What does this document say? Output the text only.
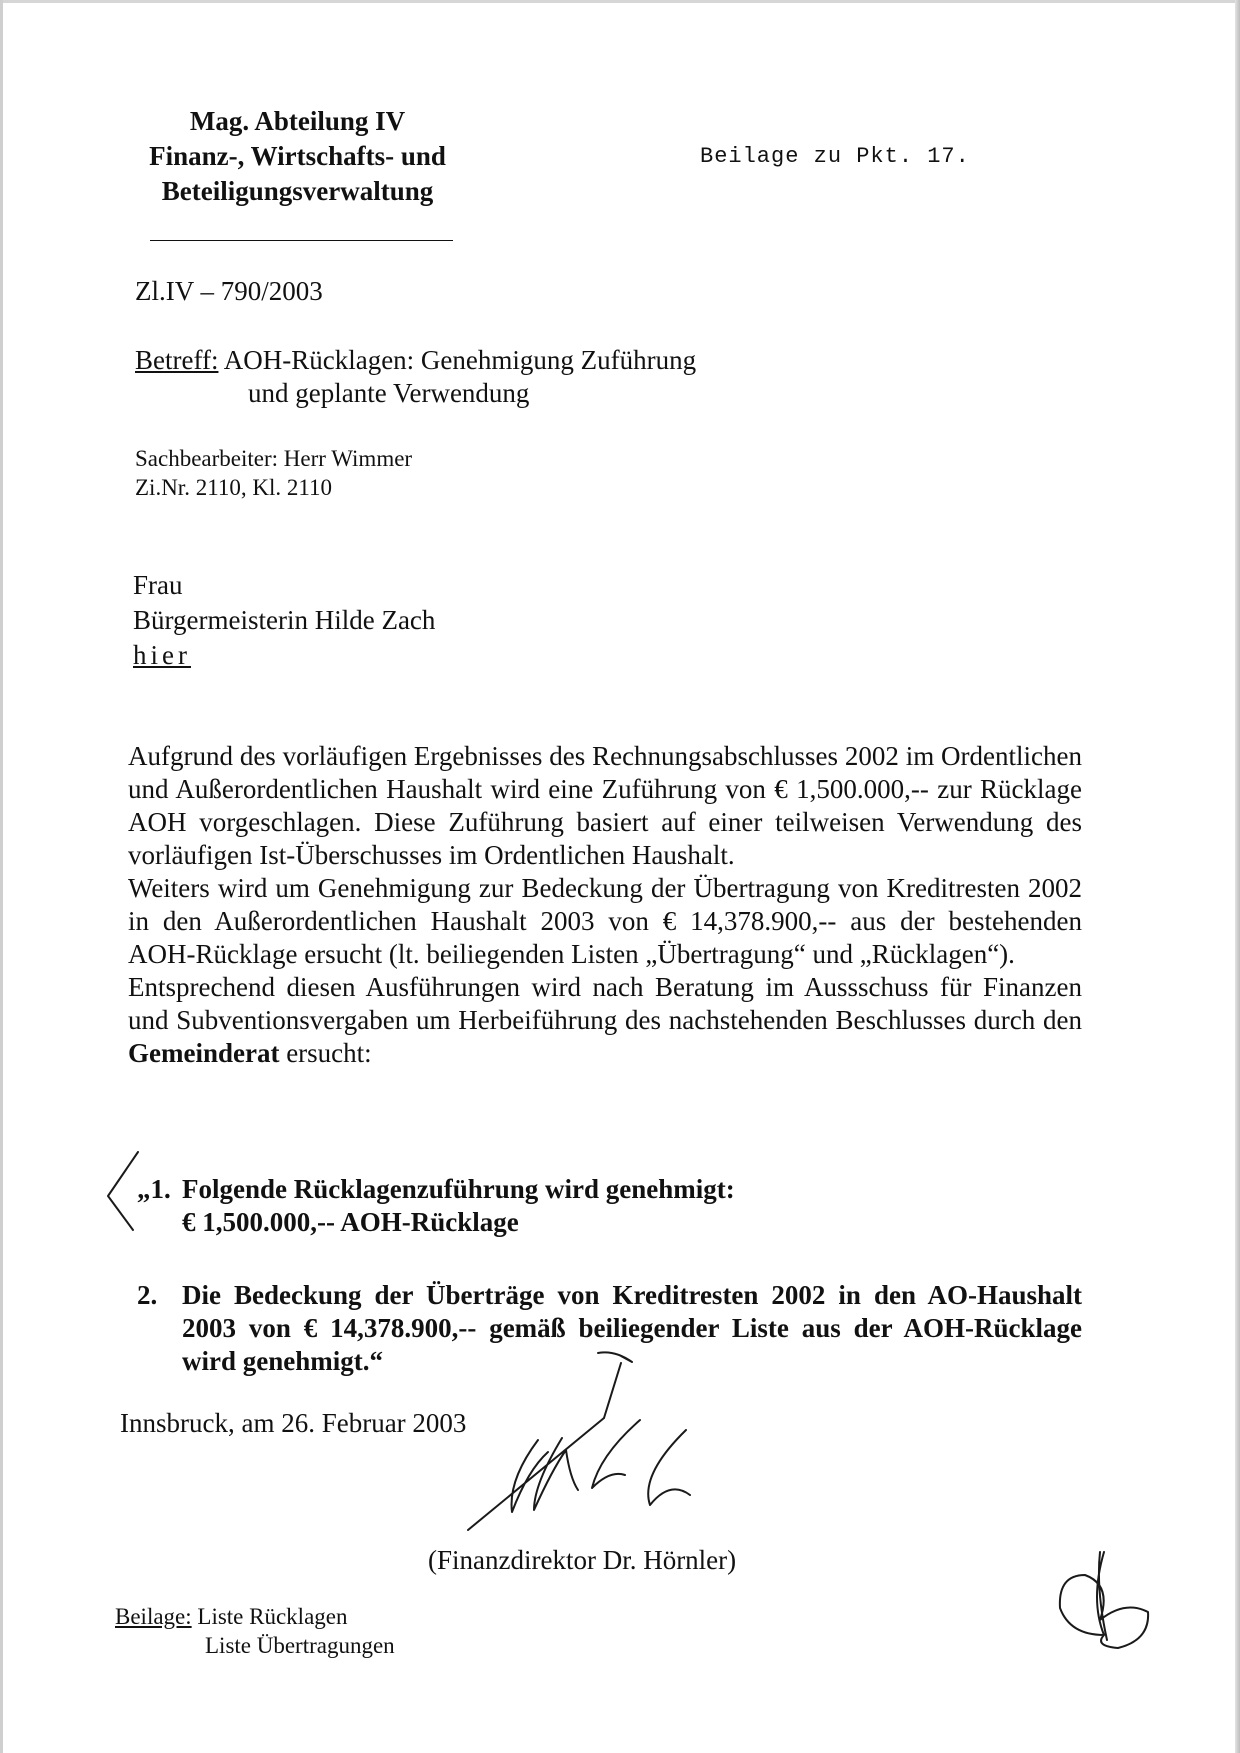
Mag. Abteilung IV
Finanz-, Wirtschafts- und
Beteiligungsverwaltung
Beilage zu Pkt. 17.
Zl.IV – 790/2003
Betreff: AOH-Rücklagen: Genehmigung Zuführung
und geplante Verwendung
Sachbearbeiter: Herr Wimmer
Zi.Nr. 2110, Kl. 2110
Frau
Bürgermeisterin Hilde Zach
hier

Aufgrund des vorläufigen Ergebnisses des Rechnungsabschlusses 2002 im Ordentlichen und Außerordentlichen Haushalt wird eine Zuführung von € 1,500.000,-- zur Rücklage AOH vorgeschlagen. Diese Zuführung basiert auf einer teilweisen Verwendung des vorläufigen Ist-Überschusses im Ordentlichen Haushalt.

Weiters wird um Genehmigung zur Bedeckung der Übertragung von Kreditresten 2002 in den Außerordentlichen Haushalt 2003 von € 14,378.900,-- aus der bestehenden AOH-Rücklage ersucht (lt. beiliegenden Listen „Übertragung“ und „Rücklagen“).

Entsprechend diesen Ausführungen wird nach Beratung im Aussschuss für Finanzen und Subventionsvergaben um Herbeiführung des nachstehenden Beschlusses durch den Gemeinderat ersucht:

„1. Folgende Rücklagenzuführung wird genehmigt:
€ 1,500.000,-- AOH-Rücklage
2. Die Bedeckung der Überträge von Kreditresten 2002 in den AO-Haushalt 2003 von € 14,378.900,-- gemäß beiliegender Liste aus der AOH-Rücklage wird genehmigt.“
Innsbruck, am 26. Februar 2003
(Finanzdirektor Dr. Hörnler)
Beilage: Liste Rücklagen
Liste Übertragungen
